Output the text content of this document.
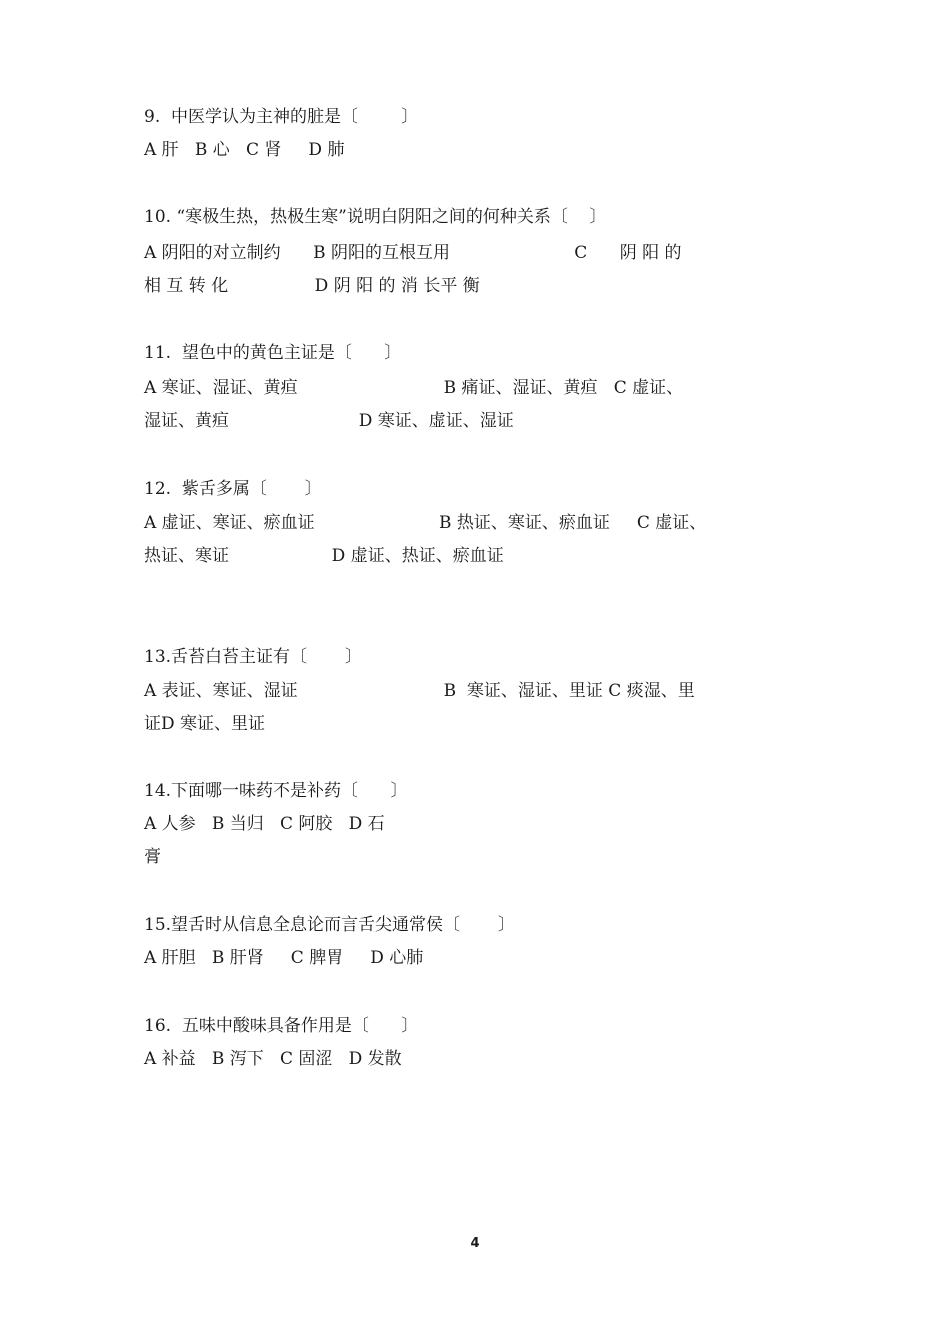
9.  中医学认为主神的脏是〔        〕
A 肝   B 心   C 肾     D 肺
10. “寒极生热，热极生寒”说明白阴阳之间的何种关系〔    〕
A 阴阳的对立制约      B 阴阳的互根互用                       C      阴 阳 的
相 互 转 化                D 阴 阳 的 消 长平 衡
11.  望色中的黄色主证是〔      〕
A 寒证、湿证、黄疸                           B 痛证、湿证、黄疸   C 虚证、
湿证、黄疸                        D 寒证、虚证、湿证
12.  紫舌多属〔       〕
A 虚证、寒证、瘀血证                       B 热证、寒证、瘀血证     C 虚证、
热证、寒证                   D 虚证、热证、瘀血证
13.舌苔白苔主证有〔       〕
A 表证、寒证、湿证                           B  寒证、湿证、里证 C 痰湿、里
证D 寒证、里证
14.下面哪一味药不是补药〔      〕
A 人参   B 当归   C 阿胶   D 石
膏
15.望舌时从信息全息论而言舌尖通常侯〔       〕
A 肝胆   B 肝肾     C 脾胃     D 心肺
16.  五味中酸味具备作用是〔      〕
A 补益   B 泻下   C 固涩   D 发散
4
